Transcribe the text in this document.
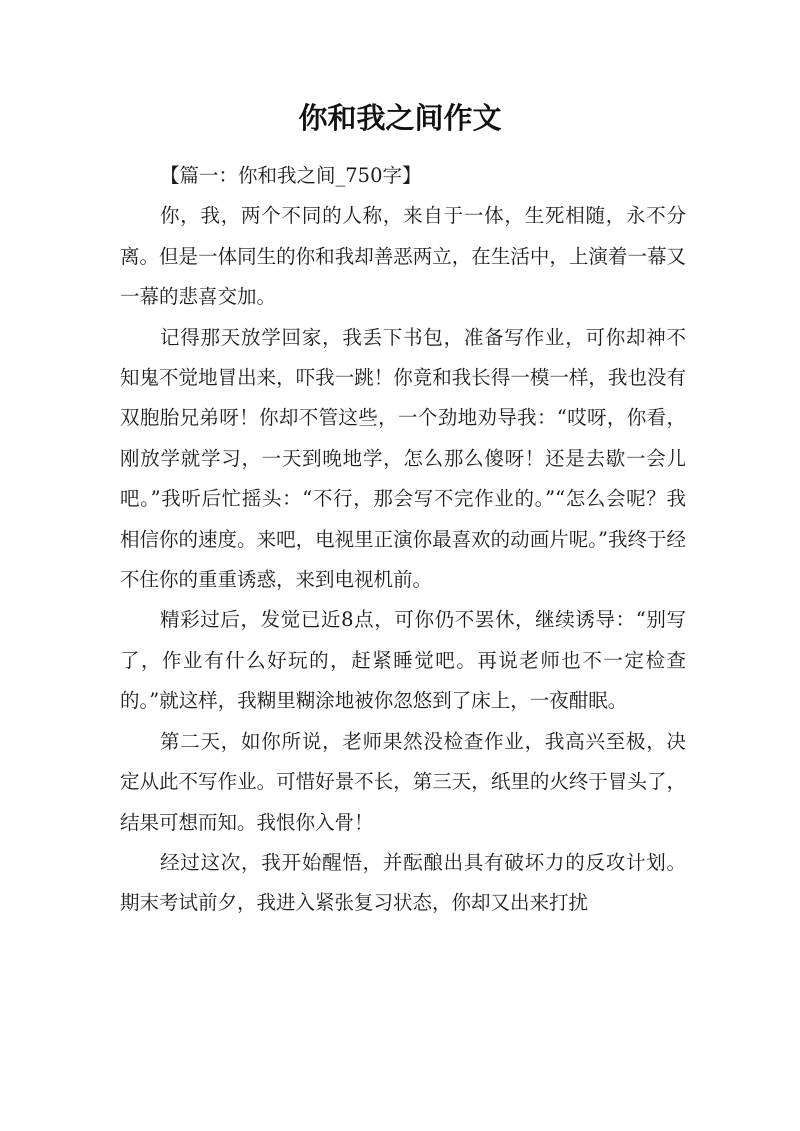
你和我之间作文

【篇一：你和我之间_750字】

你，我，两个不同的人称，来自于一体，生死相随，永不分离。但是一体同生的你和我却善恶两立，在生活中，上演着一幕又一幕的悲喜交加。

记得那天放学回家，我丢下书包，准备写作业，可你却神不知鬼不觉地冒出来，吓我一跳！你竟和我长得一模一样，我也没有双胞胎兄弟呀！你却不管这些，一个劲地劝导我：“哎呀，你看，刚放学就学习，一天到晚地学，怎么那么傻呀！还是去歇一会儿吧。”我听后忙摇头：“不行，那会写不完作业的。”“怎么会呢？我相信你的速度。来吧，电视里正演你最喜欢的动画片呢。”我终于经不住你的重重诱惑，来到电视机前。

精彩过后，发觉已近8点，可你仍不罢休，继续诱导：“别写了，作业有什么好玩的，赶紧睡觉吧。再说老师也不一定检查的。”就这样，我糊里糊涂地被你忽悠到了床上，一夜酣眠。

第二天，如你所说，老师果然没检查作业，我高兴至极，决定从此不写作业。可惜好景不长，第三天，纸里的火终于冒头了，结果可想而知。我恨你入骨！

经过这次，我开始醒悟，并酝酿出具有破坏力的反攻计划。期末考试前夕，我进入紧张复习状态，你却又出来打扰
